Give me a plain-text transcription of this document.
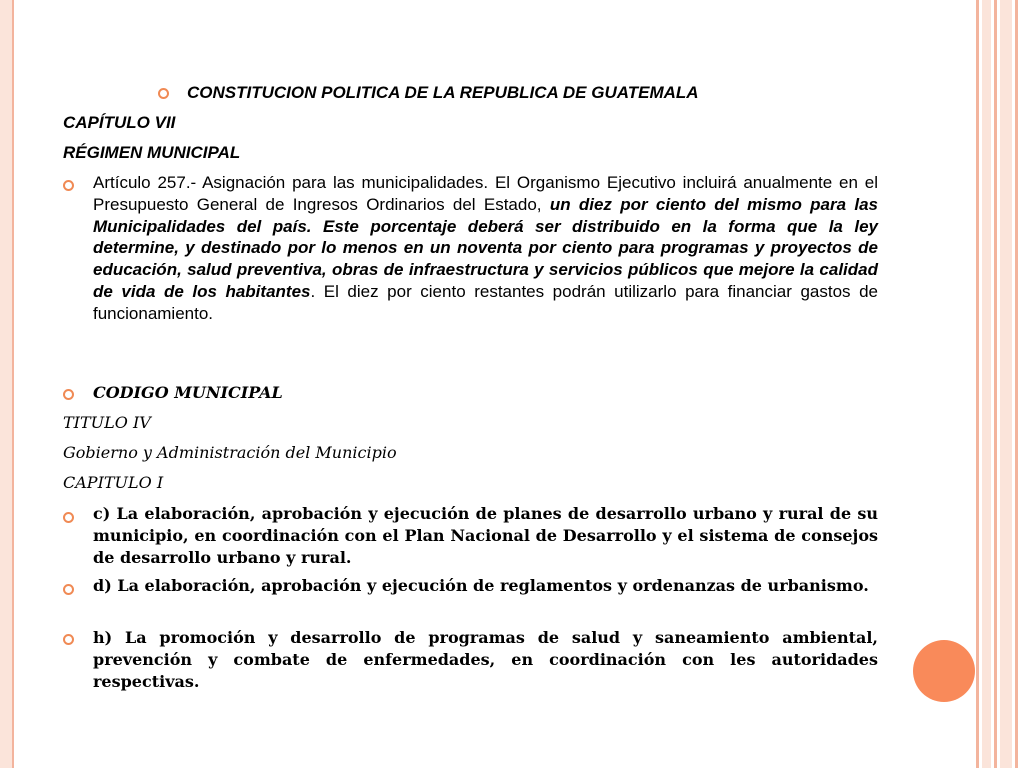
CONSTITUCION POLITICA DE LA REPUBLICA DE GUATEMALA
CAPÍTULO VII
RÉGIMEN MUNICIPAL
Artículo 257.- Asignación para las municipalidades. El Organismo Ejecutivo incluirá anualmente en el Presupuesto General de Ingresos Ordinarios del Estado, un diez por ciento del mismo para las Municipalidades del país. Este porcentaje deberá ser distribuido en la forma que la ley determine, y destinado por lo menos en un noventa por ciento para programas y proyectos de educación, salud preventiva, obras de infraestructura y servicios públicos que mejore la calidad de vida de los habitantes. El diez por ciento restantes podrán utilizarlo para financiar gastos de funcionamiento.
CODIGO MUNICIPAL
TITULO IV
Gobierno y Administración del Municipio
CAPITULO I
c) La elaboración, aprobación y ejecución de planes de desarrollo urbano y rural de su municipio, en coordinación con el Plan Nacional de Desarrollo y el sistema de consejos de desarrollo urbano y rural.
d) La elaboración, aprobación y ejecución de reglamentos y ordenanzas de urbanismo.
h) La promoción y desarrollo de programas de salud y saneamiento ambiental, prevención y combate de enfermedades, en coordinación con les autoridades respectivas.
